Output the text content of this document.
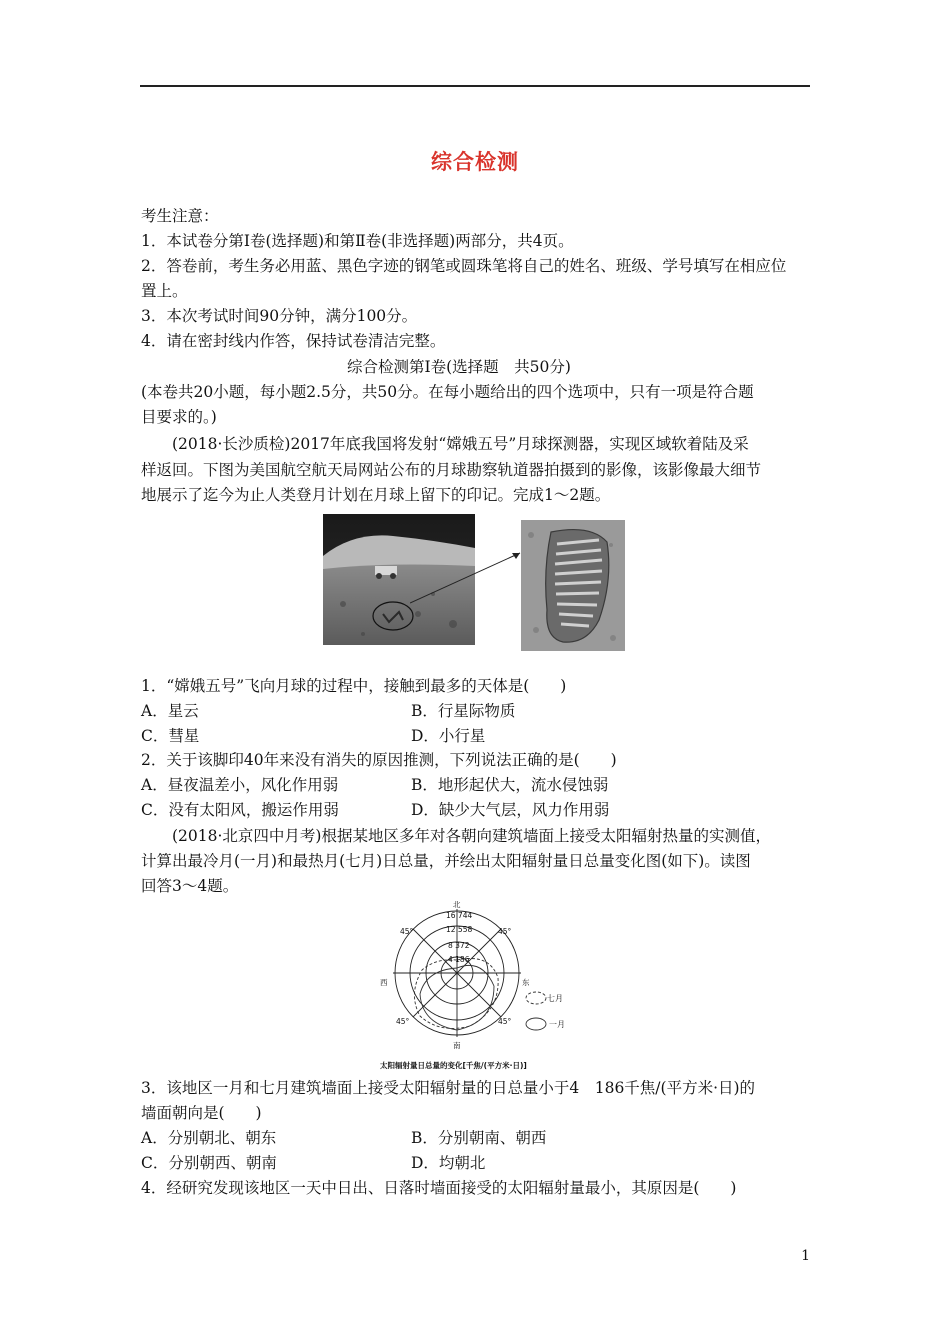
综合检测
考生注意：
1．本试卷分第Ⅰ卷(选择题)和第Ⅱ卷(非选择题)两部分，共4页。
2．答卷前，考生务必用蓝、黑色字迹的钢笔或圆珠笔将自己的姓名、班级、学号填写在相应位
置上。
3．本次考试时间90分钟，满分100分。
4．请在密封线内作答，保持试卷清洁完整。
综合检测第Ⅰ卷(选择题　共50分)
(本卷共20小题，每小题2.5分，共50分。在每小题给出的四个选项中，只有一项是符合题
目要求的。)
(2018·长沙质检)2017年底我国将发射“嫦娥五号”月球探测器，实现区域软着陆及采
样返回。下图为美国航空航天局网站公布的月球勘察轨道器拍摄到的影像，该影像最大细节
地展示了迄今为止人类登月计划在月球上留下的印记。完成1～2题。
1．“嫦娥五号”飞向月球的过程中，接触到最多的天体是(　　)
A．星云	B．行星际物质
C．彗星	D．小行星
2．关于该脚印40年来没有消失的原因推测，下列说法正确的是(　　)
A．昼夜温差小，风化作用弱	B．地形起伏大，流水侵蚀弱
C．没有太阳风，搬运作用弱	D．缺少大气层，风力作用弱
(2018·北京四中月考)根据某地区多年对各朝向建筑墙面上接受太阳辐射热量的实测值，
计算出最冷月(一月)和最热月(七月)日总量，并绘出太阳辐射量日总量变化图(如下)。读图
回答3～4题。
北
16 744
12 558
8 372
4 186
西	东
南
45°	45°
45°	45°
七月
一月
太阳辐射量日总量的变化[千焦/(平方米·日)]
3．该地区一月和七月建筑墙面上接受太阳辐射量的日总量小于4　186千焦/(平方米·日)的
墙面朝向是(　　)
A．分别朝北、朝东	B．分别朝南、朝西
C．分别朝西、朝南	D．均朝北
4．经研究发现该地区一天中日出、日落时墙面接受的太阳辐射量最小，其原因是(　　)
1
